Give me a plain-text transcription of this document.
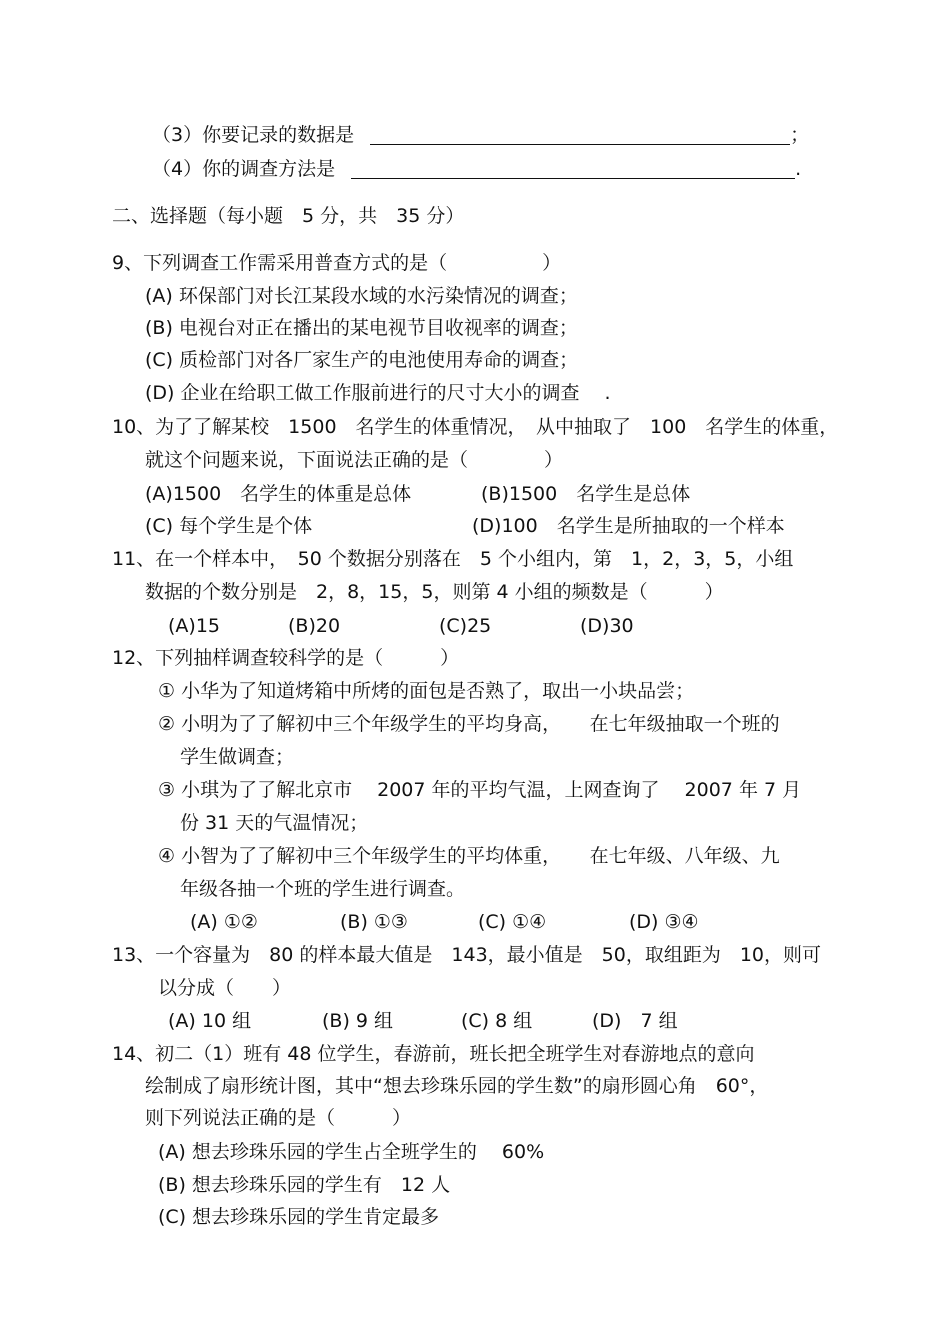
（3）你要记录的数据是	；
（4）你的调查方法是	.
二、选择题（每小题　5 分，共　35 分）
9、下列调查工作需采用普查方式的是（　　　　　）
(A) 环保部门对长江某段水域的水污染情况的调查；
(B) 电视台对正在播出的某电视节目收视率的调查；
(C) 质检部门对各厂家生产的电池使用寿命的调查；
(D) 企业在给职工做工作服前进行的尺寸大小的调查　 .
10、为了了解某校　1500　名学生的体重情况，　从中抽取了　100　名学生的体重，
就这个问题来说，下面说法正确的是（　　　　）
(A)1500　名学生的体重是总体	(B)1500　名学生是总体
(C) 每个学生是个体	(D)100　名学生是所抽取的一个样本
11、在一个样本中，　50 个数据分别落在　5 个小组内，第　1，2，3，5，小组
数据的个数分别是　2，8，15，5，则第 4 小组的频数是（　　　）
(A)15	(B)20	(C)25	(D)30
12、下列抽样调查较科学的是（　　　）
① 小华为了知道烤箱中所烤的面包是否熟了，取出一小块品尝；
② 小明为了了解初中三个年级学生的平均身高，　　在七年级抽取一个班的
学生做调查；
③ 小琪为了了解北京市　 2007 年的平均气温，上网查询了　 2007 年 7 月
份 31 天的气温情况；
④ 小智为了了解初中三个年级学生的平均体重，　　在七年级、八年级、九
年级各抽一个班的学生进行调查。
(A) ①②	(B) ①③	(C) ①④	(D) ③④
13、一个容量为　80 的样本最大值是　143，最小值是　50，取组距为　10，则可
以分成（　　）
(A) 10 组	(B) 9 组	(C) 8 组	(D)　7 组
14、初二（1）班有 48 位学生，春游前，班长把全班学生对春游地点的意向
绘制成了扇形统计图，其中“想去珍珠乐园的学生数”的扇形圆心角　60°，
则下列说法正确的是（　　　）
(A) 想去珍珠乐园的学生占全班学生的　 60%
(B) 想去珍珠乐园的学生有　12 人
(C) 想去珍珠乐园的学生肯定最多
